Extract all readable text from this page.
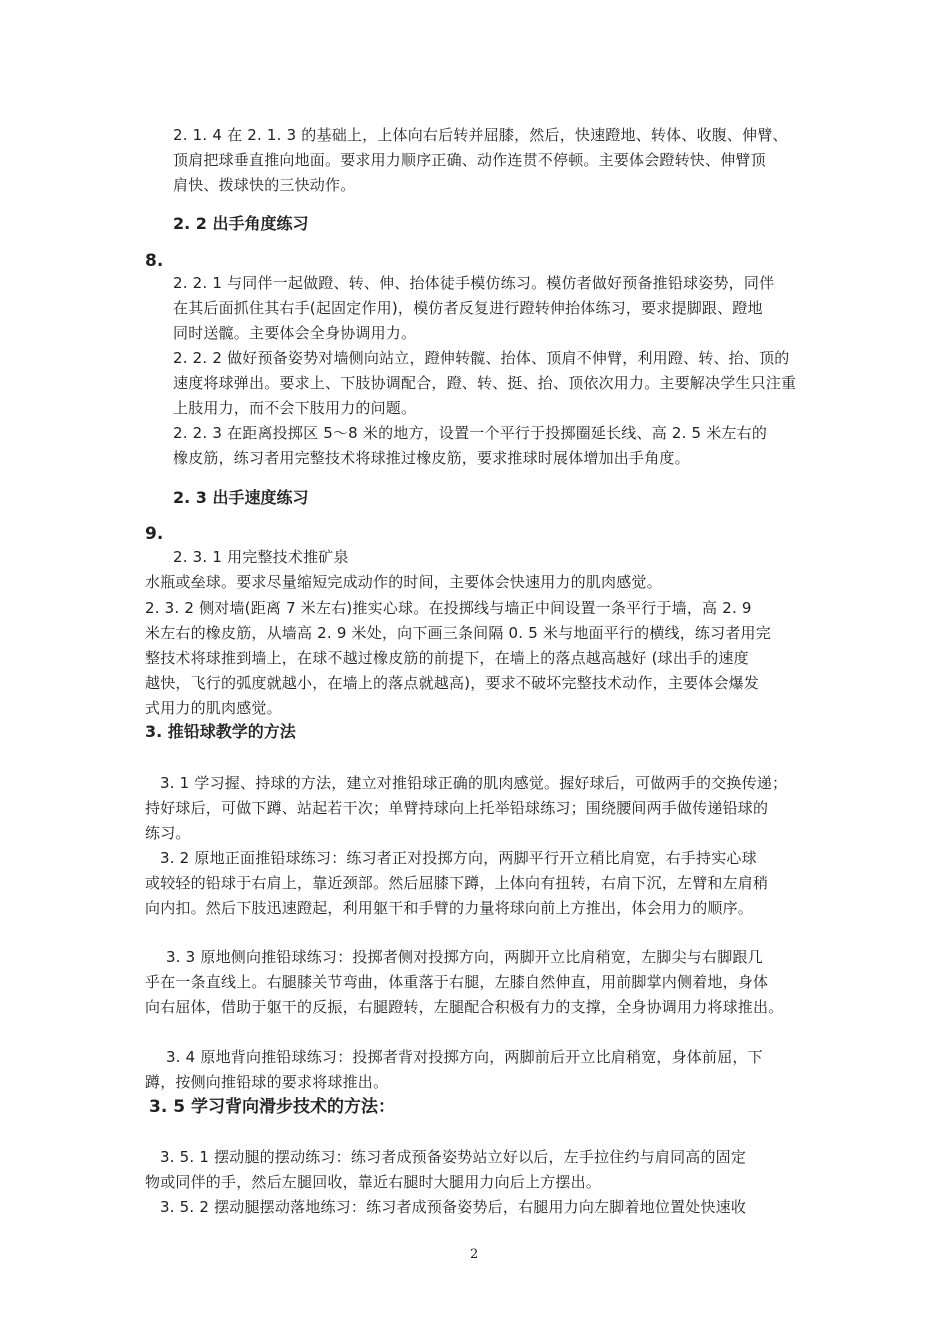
2. 1. 4 在 2. 1. 3 的基础上，上体向右后转并屈膝，然后，快速蹬地、转体、收腹、伸臂、
顶肩把球垂直推向地面。要求用力顺序正确、动作连贯不停顿。主要体会蹬转快、伸臂顶
肩快、拨球快的三快动作。
2. 2 出手角度练习
8.
2. 2. 1 与同伴一起做蹬、转、伸、抬体徒手模仿练习。模仿者做好预备推铅球姿势，同伴
在其后面抓住其右手(起固定作用)，模仿者反复进行蹬转伸抬体练习，要求提脚跟、蹬地
同时送髋。主要体会全身协调用力。
2. 2. 2 做好预备姿势对墙侧向站立，蹬伸转髋、抬体、顶肩不伸臂，利用蹬、转、抬、顶的
速度将球弹出。要求上、下肢协调配合，蹬、转、挺、抬、顶依次用力。主要解决学生只注重
上肢用力，而不会下肢用力的问题。
2. 2. 3 在距离投掷区 5～8 米的地方，设置一个平行于投掷圈延长线、高 2. 5 米左右的
橡皮筋，练习者用完整技术将球推过橡皮筋，要求推球时展体增加出手角度。
2. 3 出手速度练习
9.
2. 3. 1 用完整技术推矿泉
水瓶或垒球。要求尽量缩短完成动作的时间，主要体会快速用力的肌肉感觉。
2. 3. 2 侧对墙(距离 7 米左右)推实心球。在投掷线与墙正中间设置一条平行于墙，高 2. 9
米左右的橡皮筋，从墙高 2. 9 米处，向下画三条间隔 0. 5 米与地面平行的横线，练习者用完
整技术将球推到墙上，在球不越过橡皮筋的前提下，在墙上的落点越高越好 (球出手的速度
越快，飞行的弧度就越小，在墙上的落点就越高)，要求不破坏完整技术动作，主要体会爆发
式用力的肌肉感觉。
3. 推铅球教学的方法
3. 1 学习握、持球的方法，建立对推铅球正确的肌肉感觉。握好球后，可做两手的交换传递；
持好球后，可做下蹲、站起若干次；单臂持球向上托举铅球练习；围绕腰间两手做传递铅球的
练习。
3. 2 原地正面推铅球练习：练习者正对投掷方向，两脚平行开立稍比肩宽，右手持实心球
或较轻的铅球于右肩上，靠近颈部。然后屈膝下蹲，上体向有扭转，右肩下沉，左臂和左肩稍
向内扣。然后下肢迅速蹬起，利用躯干和手臂的力量将球向前上方推出，体会用力的顺序。
3. 3 原地侧向推铅球练习：投掷者侧对投掷方向，两脚开立比肩稍宽，左脚尖与右脚跟几
乎在一条直线上。右腿膝关节弯曲，体重落于右腿，左膝自然伸直，用前脚掌内侧着地，身体
向右屈体，借助于躯干的反振，右腿蹬转，左腿配合积极有力的支撑，全身协调用力将球推出。
3. 4 原地背向推铅球练习：投掷者背对投掷方向，两脚前后开立比肩稍宽，身体前屈，下
蹲，按侧向推铅球的要求将球推出。
3. 5 学习背向滑步技术的方法：
3. 5. 1 摆动腿的摆动练习：练习者成预备姿势站立好以后，左手拉住约与肩同高的固定
物或同伴的手，然后左腿回收，靠近右腿时大腿用力向后上方摆出。
3. 5. 2 摆动腿摆动落地练习：练习者成预备姿势后，右腿用力向左脚着地位置处快速收
2
